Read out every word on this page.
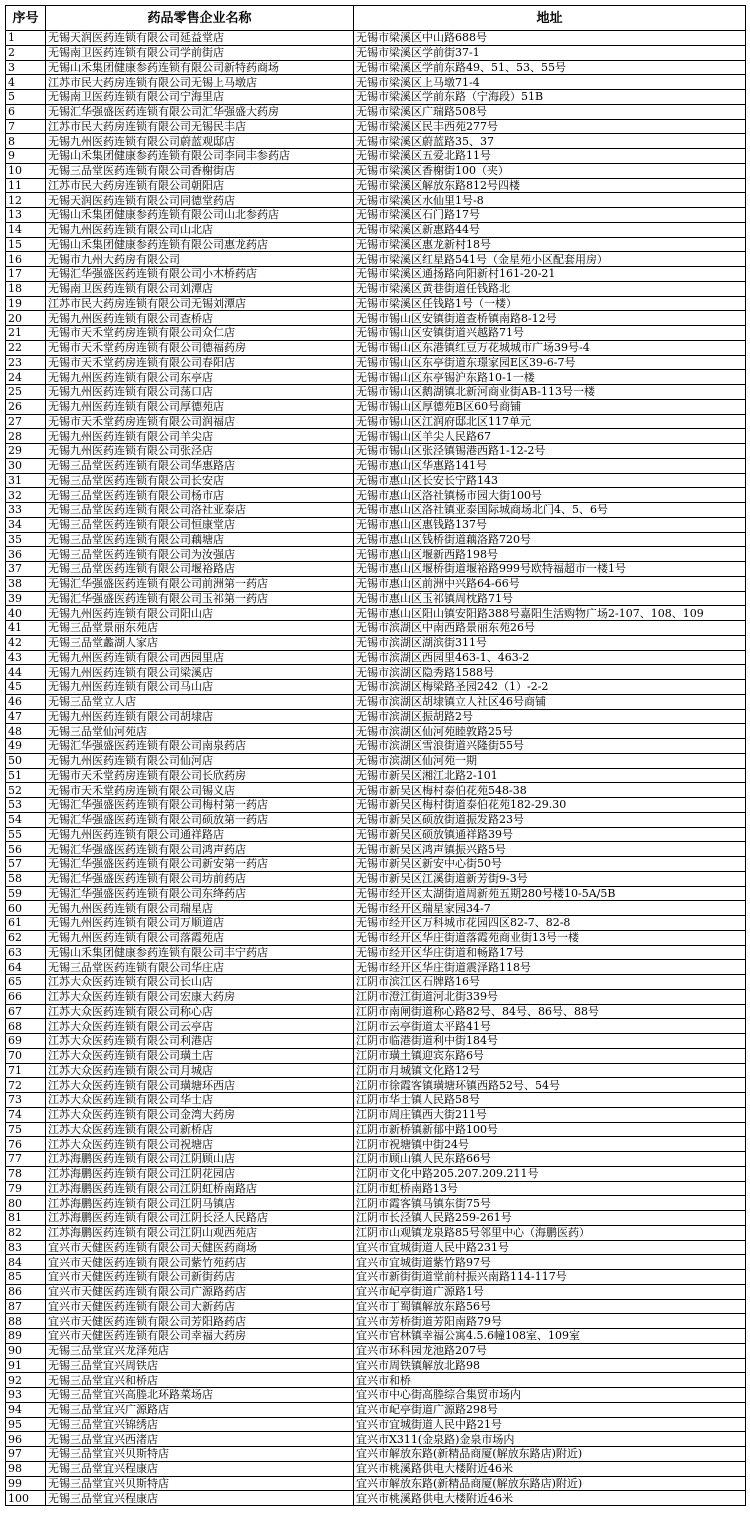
序号	药品零售企业名称	地址
1	无锡天润医药连锁有限公司延益堂店	无锡市梁溪区中山路688号
2	无锡南卫医药连锁有限公司学前街店	无锡市梁溪区学前街37-1
3	无锡山禾集团健康参药连锁有限公司新特药商场	无锡市梁溪区学前东路49、51、53、55号
4	江苏市民大药房连锁有限公司无锡上马墩店	无锡市梁溪区上马墩71-4
5	无锡南卫医药连锁有限公司宁海里店	无锡市梁溪区学前东路（宁海段）51B
6	无锡汇华强盛医药连锁有限公司汇华强盛大药房	无锡市梁溪区广瑞路508号
7	江苏市民大药房连锁有限公司无锡民丰店	无锡市梁溪区民丰西苑277号
8	无锡九州医药连锁有限公司蔚蓝观邸店	无锡市梁溪区蔚蓝路35、37
9	无锡山禾集团健康参药连锁有限公司李同丰参药店	无锡市梁溪区五爱北路11号
10	无锡三品堂医药连锁有限公司香榭街店	无锡市梁溪区香榭街100（夹）
11	江苏市民大药房连锁有限公司朝阳店	无锡市梁溪区解放东路812号四楼
12	无锡天润医药连锁有限公司同德堂药店	无锡市梁溪区水仙里1号-8
13	无锡山禾集团健康参药连锁有限公司山北参药店	无锡市梁溪区石门路17号
14	无锡九州医药连锁有限公司山北店	无锡市梁溪区新惠路44号
15	无锡山禾集团健康参药连锁有限公司惠龙药店	无锡市梁溪区惠龙新村18号
16	无锡市九州大药房有限公司	无锡市梁溪区红星路541号（金星苑小区配套用房）
17	无锡汇华强盛医药连锁有限公司小木桥药店	无锡市梁溪区通扬路向阳新村161-20-21
18	无锡南卫医药连锁有限公司刘潭店	无锡市梁溪区黄巷街道任钱路北
19	江苏市民大药房连锁有限公司无锡刘潭店	无锡市梁溪区任钱路1号（一楼）
20	无锡九州医药连锁有限公司查桥店	无锡市锡山区安镇街道查桥镇南路8-12号
21	无锡市天禾堂药房连锁有限公司众仁店	无锡市锡山区安镇街道兴越路71号
22	无锡市天禾堂药房连锁有限公司德福药房	无锡市锡山区东港镇红豆万花城城市广场39号-4
23	无锡市天禾堂药房连锁有限公司春阳店	无锡市锡山区东亭街道东璟家园E区39-6-7号
24	无锡九州医药连锁有限公司东亭店	无锡市锡山区东亭锡沪东路10-1一楼
25	无锡九州医药连锁有限公司荡口店	无锡市锡山区鹅湖镇北新河商业街AB-113号一楼
26	无锡九州医药连锁有限公司厚德苑店	无锡市锡山区厚德苑B区60号商铺
27	无锡市天禾堂药房连锁有限公司润福店	无锡市锡山区江润府邸北区117单元
28	无锡九州医药连锁有限公司羊尖店	无锡市锡山区羊尖人民路67
29	无锡九州医药连锁有限公司张泾店	无锡市锡山区张泾镇锡港西路1-12-2号
30	无锡三品堂医药连锁有限公司华惠路店	无锡市惠山区华惠路141号
31	无锡三品堂医药连锁有限公司长安店	无锡市惠山区长安长宁路143
32	无锡三品堂医药连锁有限公司杨市店	无锡市惠山区洛社镇杨市园大街100号
33	无锡三品堂医药连锁有限公司洛社亚泰店	无锡市惠山区洛社镇亚泰国际城商场北门4、5、6号
34	无锡三品堂医药连锁有限公司恒康堂店	无锡市惠山区惠钱路137号
35	无锡三品堂医药连锁有限公司藕塘店	无锡市惠山区钱桥街道藕洛路720号
36	无锡三品堂医药连锁有限公司为汝强店	无锡市惠山区堰新西路198号
37	无锡三品堂医药连锁有限公司堰裕路店	无锡市惠山区堰桥街道堰裕路999号欧特福超市一楼1号
38	无锡汇华强盛医药连锁有限公司前洲第一药店	无锡市惠山区前洲中兴路64-66号
39	无锡汇华强盛医药连锁有限公司玉祁第一药店	无锡市惠山区玉祁镇周枕路71号
40	无锡九州医药连锁有限公司阳山店	无锡市惠山区阳山镇安阳路388号嘉阳生活购物广场2-107、108、109
41	无锡三品堂景丽东苑店	无锡市滨湖区中南西路景丽东苑26号
42	无锡三品堂蠡湖人家店	无锡市滨湖区湖滨街311号
43	无锡九州医药连锁有限公司西园里店	无锡市滨湖区西园里463-1、463-2
44	无锡九州医药连锁有限公司梁溪店	无锡市滨湖区隐秀路1588号
45	无锡九州医药连锁有限公司马山店	无锡市滨湖区梅梁路圣园242（1）-2-2
46	无锡三品堂立人店	无锡市滨湖区胡埭镇立人社区46号商铺
47	无锡九州医药连锁有限公司胡埭店	无锡市滨湖区振胡路2号
48	无锡三品堂仙河苑店	无锡市滨湖区仙河苑睦敦路25号
49	无锡汇华强盛医药连锁有限公司南泉药店	无锡市滨湖区雪浪街道兴隆街55号
50	无锡九州医药连锁有限公司仙河店	无锡市滨湖区仙河苑一期
51	无锡市天禾堂药房连锁有限公司长欣药房	无锡市新吴区湘江北路2-101
52	无锡市天禾堂药房连锁有限公司锡义店	无锡市新吴区梅村泰伯花苑548-38
53	无锡汇华强盛医药连锁有限公司梅村第一药店	无锡市新吴区梅村街道泰伯花苑182-29.30
54	无锡汇华强盛医药连锁有限公司硕放第一药店	无锡市新吴区硕放街道振发路23号
55	无锡九州医药连锁有限公司通祥路店	无锡市新吴区硕放镇通祥路39号
56	无锡汇华强盛医药连锁有限公司鸿声药店	无锡市新吴区鸿声镇振兴路5号
57	无锡汇华强盛医药连锁有限公司新安第一药店	无锡市新吴区新安中心街50号
58	无锡汇华强盛医药连锁有限公司坊前药店	无锡市新吴区江溪街道新芳街9-3号
59	无锡汇华强盛医药连锁有限公司东绛药店	无锡市经开区太湖街道周新苑五期280号楼10-5A/5B
60	无锡九州医药连锁有限公司瑞星店	无锡市经开区瑞星家园34-7
61	无锡九州医药连锁有限公司万顺道店	无锡市经开区万科城市花园四区82-7、82-8
62	无锡九州医药连锁有限公司落霞苑店	无锡市经开区华庄街道落霞苑商业街13号一楼
63	无锡山禾集团健康参药连锁有限公司丰宁药店	无锡市经开区华庄街道和畅路17号
64	无锡三品堂医药连锁有限公司华庄店	无锡市经开区华庄街道震泽路118号
65	江苏大众医药连锁有限公司长山店	江阴市滨江区石牌路16号
66	江苏大众医药连锁有限公司宏康大药房	江阴市澄江街道河北街339号
67	江苏大众医药连锁有限公司称心店	江阴市南闸街道称心路82号、84号、86号、88号
68	江苏大众医药连锁有限公司云亭店	江阴市云亭街道太平路41号
69	江苏大众医药连锁有限公司利港店	江阴市临港街道利中街184号
70	江苏大众医药连锁有限公司璜土店	江阴市璜土镇迎宾东路6号
71	江苏大众医药连锁有限公司月城店	江阴市月城镇文化路12号
72	江苏大众医药连锁有限公司璜塘环西店	江阴市徐霞客镇璜塘环镇西路52号、54号
73	江苏大众医药连锁有限公司华士店	江阴市华士镇人民路58号
74	江苏大众医药连锁有限公司金湾大药房	江阴市周庄镇西大街211号
75	江苏大众医药连锁有限公司新桥店	江阴市新桥镇新郁中路100号
76	江苏大众医药连锁有限公司祝塘店	江阴市祝塘镇中街24号
77	江苏海鹏医药连锁有限公司江阴顾山店	江阴市顾山镇人民东路66号
78	江苏海鹏医药连锁有限公司江阴花园店	江阴市文化中路205.207.209.211号
79	江苏海鹏医药连锁有限公司江阴虹桥南路店	江阴市虹桥南路13号
80	江苏海鹏医药连锁有限公司江阴马镇店	江阴市霞客镇马镇东街75号
81	江苏海鹏医药连锁有限公司江阴长泾人民路店	江阴市长泾镇人民路259-261号
82	江苏海鹏医药连锁有限公司江阴山观西苑店	江阴市山观镇龙泉路85号邻里中心（海鹏医药）
83	宜兴市天健医药连锁有限公司天健医药商场	宜兴市宜城街道人民中路231号
84	宜兴市天健医药连锁有限公司紫竹苑药店	宜兴市宜城街道紫竹路97号
85	宜兴市天健医药连锁有限公司新街药店	宜兴市新街街道堂前村振兴南路114-117号
86	宜兴市天健医药连锁有限公司广源路药店	宜兴市屺亭街道广源路1号
87	宜兴市天健医药连锁有限公司大新药店	宜兴市丁蜀镇解放东路56号
88	宜兴市天健医药连锁有限公司芳阳路药店	宜兴市芳桥街道芳阳南路79号
89	宜兴市天健医药连锁有限公司幸福大药房	宜兴市官林镇幸福公寓4.5.6幢108室、109室
90	无锡三品堂宜兴龙泽苑店	宜兴市环科园龙池路207号
91	无锡三品堂宜兴周铁店	宜兴市周铁镇解放北路98
92	无锡三品堂宜兴和桥店	宜兴市和桥
93	无锡三品堂宜兴高塍北环路菜场店	宜兴市中心街高塍综合集贸市场内
94	无锡三品堂宜兴广源路店	宜兴市屺亭街道广源路298号
95	无锡三品堂宜兴锦绣店	宜兴市宜城街道人民中路21号
96	无锡三品堂宜兴西渚店	宜兴市X311(金泉路)金泉市场内
97	无锡三品堂宜兴贝斯特店	宜兴市解放东路(新精品商厦(解放东路店)附近)
98	无锡三品堂宜兴程康店	宜兴市桃溪路供电大楼附近46米
99	无锡三品堂宜兴贝斯特店	宜兴市解放东路(新精品商厦(解放东路店)附近)
100	无锡三品堂宜兴程康店	宜兴市桃溪路供电大楼附近46米
